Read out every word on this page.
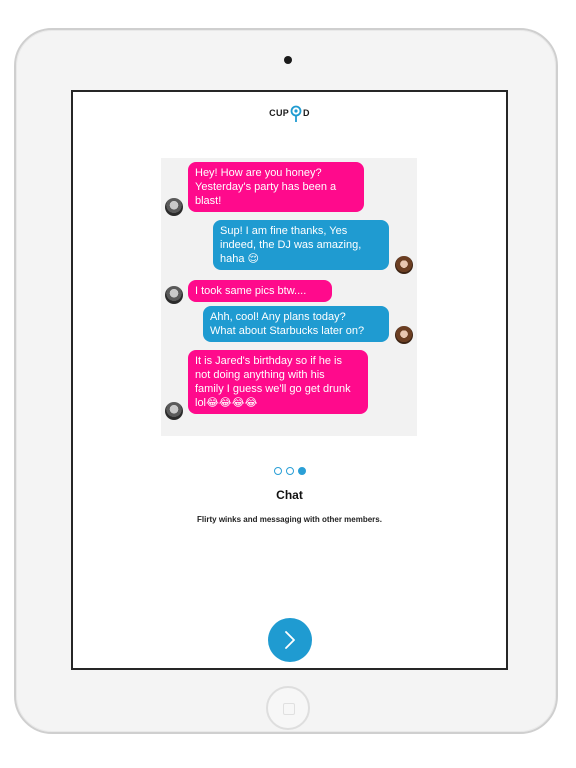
CUP D
Hey! How are you honey?
Yesterday's party has been a
blast!
Sup! I am fine thanks, Yes
indeed, the DJ was amazing,
haha 😌
I took same pics btw....
Ahh, cool! Any plans today?
What about Starbucks later on?
It is Jared's birthday so if he is
not doing anything with his
family I guess we'll go get drunk
lol😂😂😂😂
Chat
Flirty winks and messaging with other members.
